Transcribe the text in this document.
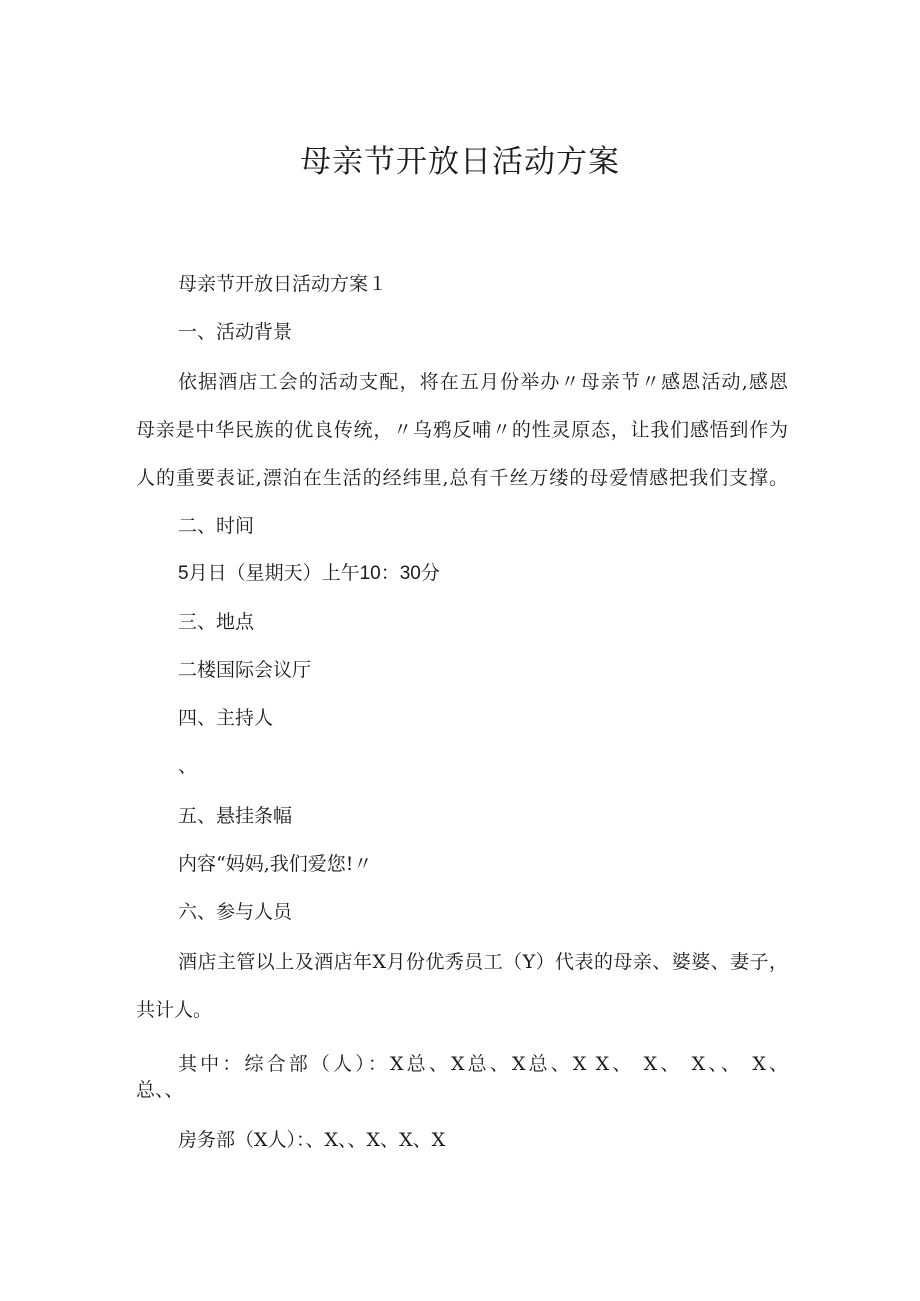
母亲节开放日活动方案

母亲节开放日活动方案１

一、活动背景

依据酒店工会的活动支配，将在五月份举办〃母亲节〃感恩活动,感恩

母亲是中华民族的优良传统，〃乌鸦反哺〃的性灵原态，让我们感悟到作为

人的重要表证,漂泊在生活的经纬里,总有千丝万缕的母爱情感把我们支撑。

二、时间

5月日（星期天）上午10：30分

三、地点

二楼国际会议厅

四、主持人

、

五、悬挂条幅

内容“妈妈,我们爱您!〃

六、参与人员

酒店主管以上及酒店年X月份优秀员工（Y）代表的母亲、婆婆、妻子，

共计人。

其中：综合部（人）：X总、X总、X总、X X、 X、 X、、 X、

总、、

房务部（X人）：、X、、X、X、X
